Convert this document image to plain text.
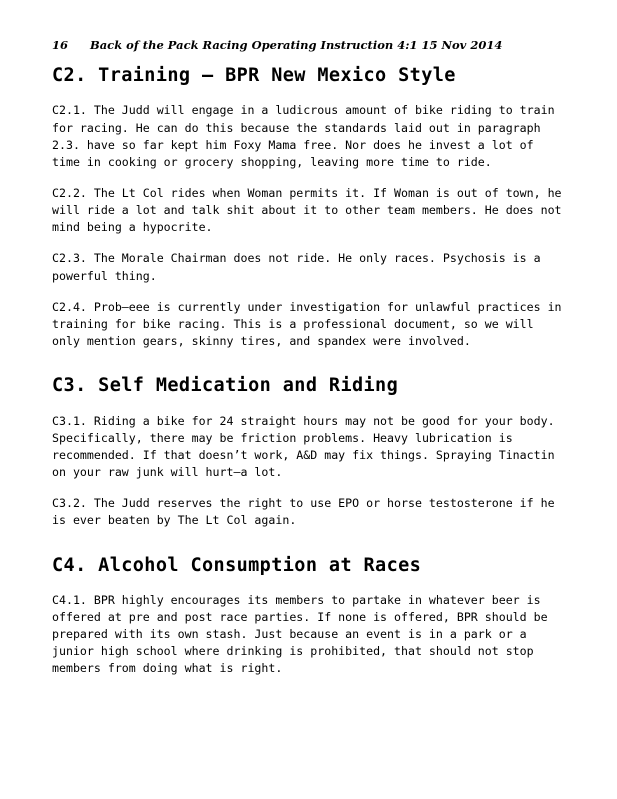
16 Back of the Pack Racing Operating Instruction 4:1 15 Nov 2014
C2. Training – BPR New Mexico Style

C2.1. The Judd will engage in a ludicrous amount of bike riding to train for racing. He can do this because the standards laid out in paragraph 2.3. have so far kept him Foxy Mama free. Nor does he invest a lot of time in cooking or grocery shopping, leaving more time to ride.

C2.2. The Lt Col rides when Woman permits it. If Woman is out of town, he will ride a lot and talk shit about it to other team members. He does not mind being a hypocrite.

C2.3. The Morale Chairman does not ride. He only races. Psychosis is a powerful thing.

C2.4. Prob–eee is currently under investigation for unlawful practices in training for bike racing. This is a professional document, so we will only mention gears, skinny tires, and spandex were involved.

C3. Self Medication and Riding

C3.1. Riding a bike for 24 straight hours may not be good for your body. Specifically, there may be friction problems. Heavy lubrication is recommended. If that doesn’t work, A&D may fix things. Spraying Tinactin on your raw junk will hurt–a lot.

C3.2. The Judd reserves the right to use EPO or horse testosterone if he is ever beaten by The Lt Col again.

C4. Alcohol Consumption at Races

C4.1. BPR highly encourages its members to partake in whatever beer is offered at pre and post race parties. If none is offered, BPR should be prepared with its own stash. Just because an event is in a park or a junior high school where drinking is prohibited, that should not stop members from doing what is right.
